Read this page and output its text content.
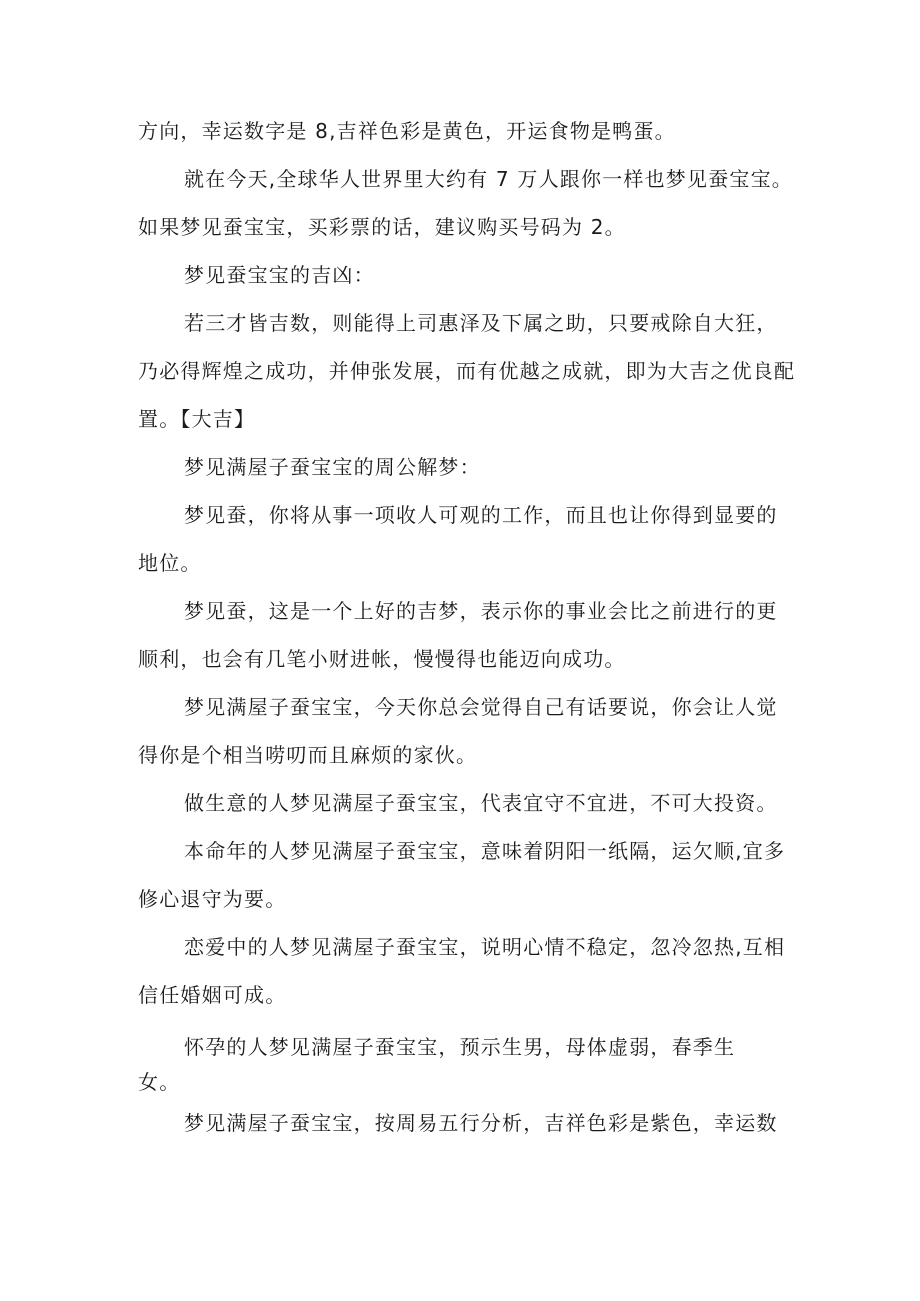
方向，幸运数字是 8,吉祥色彩是黄色，开运食物是鸭蛋。

就在今天,全球华人世界里大约有 7 万人跟你一样也梦见蚕宝宝。如果梦见蚕宝宝，买彩票的话，建议购买号码为 2。

梦见蚕宝宝的吉凶：

若三才皆吉数，则能得上司惠泽及下属之助，只要戒除自大狂，乃必得辉煌之成功，并伸张发展，而有优越之成就，即为大吉之优良配置。【大吉】

梦见满屋子蚕宝宝的周公解梦：

梦见蚕，你将从事一项收人可观的工作，而且也让你得到显要的地位。

梦见蚕，这是一个上好的吉梦，表示你的事业会比之前进行的更顺利，也会有几笔小财进帐，慢慢得也能迈向成功。

梦见满屋子蚕宝宝，今天你总会觉得自己有话要说，你会让人觉得你是个相当唠叨而且麻烦的家伙。

做生意的人梦见满屋子蚕宝宝，代表宜守不宜进，不可大投资。

本命年的人梦见满屋子蚕宝宝，意味着阴阳一纸隔，运欠顺,宜多修心退守为要。

恋爱中的人梦见满屋子蚕宝宝，说明心情不稳定，忽冷忽热,互相信任婚姻可成。

怀孕的人梦见满屋子蚕宝宝，预示生男，母体虚弱，春季生女。

梦见满屋子蚕宝宝，按周易五行分析，吉祥色彩是紫色，幸运数
